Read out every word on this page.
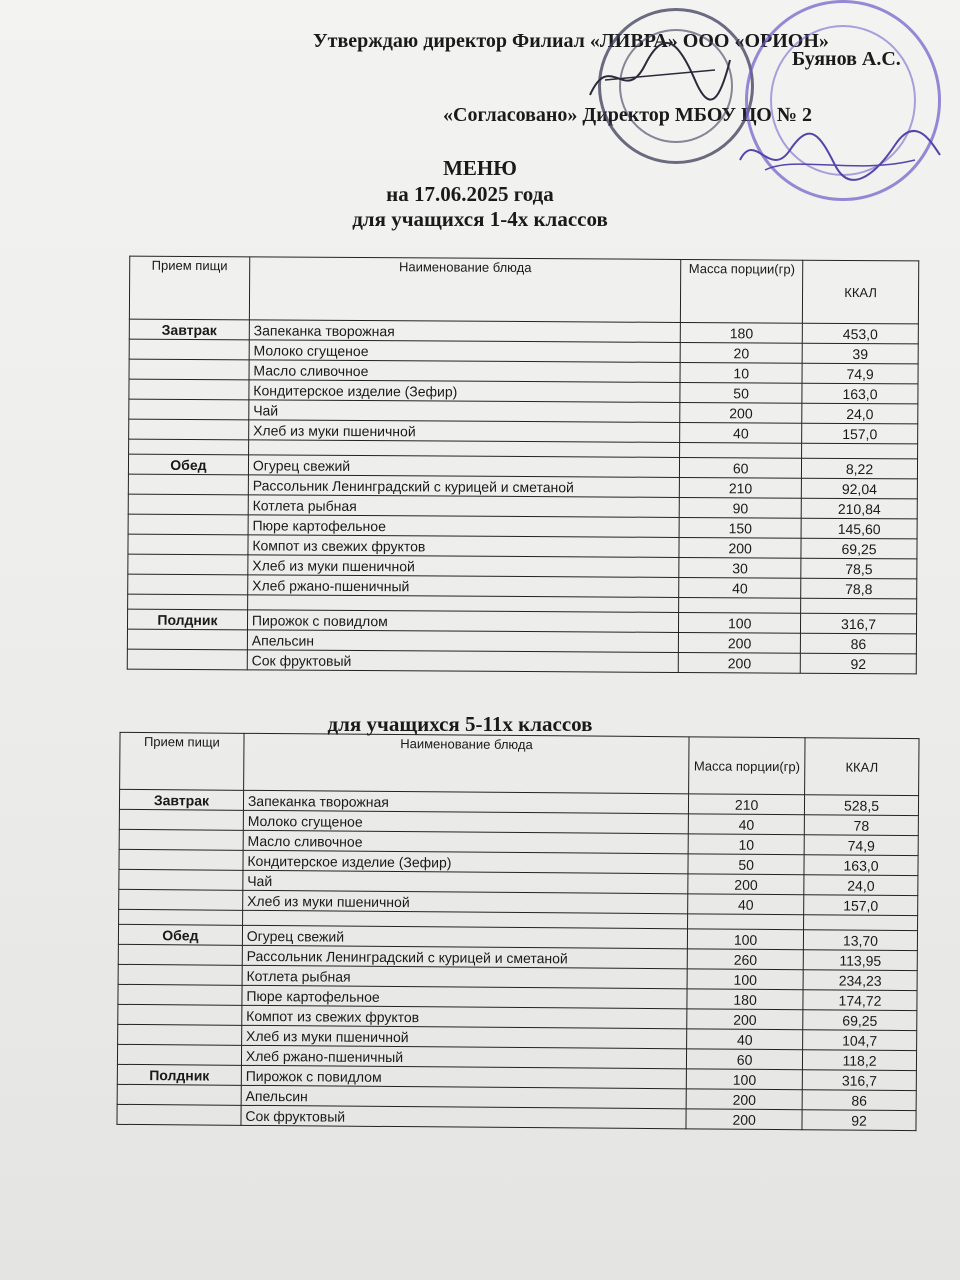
Утверждаю директор Филиал «ЛИВРА» ООО «ОРИОН»
Буянов А.С.
«Согласовано» Директор МБОУ ЦО № 2
МЕНЮ
на 17.06.2025 года
для учащихся 1-4х классов
Прием пищи	Наименование блюда	Масса порции(гр)	ККАЛ
Завтрак	Запеканка творожная	180	453,0
	Молоко сгущеное	20	39
	Масло сливочное	10	74,9
	Кондитерское изделие (Зефир)	50	163,0
	Чай	200	24,0
	Хлеб из муки пшеничной	40	157,0

Обед	Огурец свежий	60	8,22
	Рассольник Ленинградский с курицей и сметаной	210	92,04
	Котлета рыбная	90	210,84
	Пюре картофельное	150	145,60
	Компот из свежих фруктов	200	69,25
	Хлеб из муки пшеничной	30	78,5
	Хлеб ржано-пшеничный	40	78,8

Полдник	Пирожок с повидлом	100	316,7
	Апельсин	200	86
	Сок фруктовый	200	92
для учащихся 5-11х классов
Прием пищи	Наименование блюда	Масса порции(гр)	ККАЛ
Завтрак	Запеканка творожная	210	528,5
	Молоко сгущеное	40	78
	Масло сливочное	10	74,9
	Кондитерское изделие (Зефир)	50	163,0
	Чай	200	24,0
	Хлеб из муки пшеничной	40	157,0

Обед	Огурец свежий	100	13,70
	Рассольник Ленинградский с курицей и сметаной	260	113,95
	Котлета рыбная	100	234,23
	Пюре картофельное	180	174,72
	Компот из свежих фруктов	200	69,25
	Хлеб из муки пшеничной	40	104,7
	Хлеб ржано-пшеничный	60	118,2
Полдник	Пирожок с повидлом	100	316,7
	Апельсин	200	86
	Сок фруктовый	200	92
